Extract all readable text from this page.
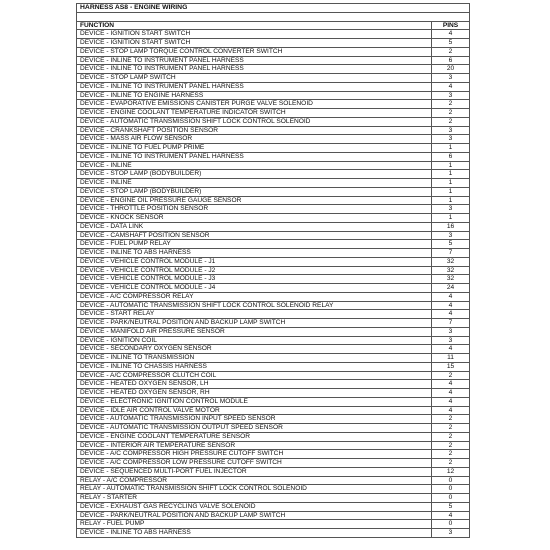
HARNESS AS8 - ENGINE WIRING	

FUNCTION	PINS
DEVICE - IGNITION START SWITCH	4
DEVICE - IGNITION START SWITCH	5
DEVICE - STOP LAMP TORQUE CONTROL CONVERTER SWITCH	2
DEVICE - INLINE TO INSTRUMENT PANEL HARNESS	6
DEVICE - INLINE TO INSTRUMENT PANEL HARNESS	20
DEVICE - STOP LAMP SWITCH	3
DEVICE - INLINE TO INSTRUMENT PANEL HARNESS	4
DEVICE - INLINE TO ENGINE HARNESS	3
DEVICE - EVAPORATIVE EMISSIONS CANISTER PURGE VALVE SOLENOID	2
DEVICE - ENGINE COOLANT TEMPERATURE INDICATOR SWITCH	2
DEVICE - AUTOMATIC TRANSMISSION SHIFT LOCK CONTROL SOLENOID	2
DEVICE - CRANKSHAFT POSITION SENSOR	3
DEVICE - MASS AIR FLOW SENSOR	3
DEVICE - INLINE TO FUEL PUMP PRIME	1
DEVICE - INLINE TO INSTRUMENT PANEL HARNESS	6
DEVICE - INLINE	1
DEVICE - STOP LAMP (BODYBUILDER)	1
DEVICE - INLINE	1
DEVICE - STOP LAMP (BODYBUILDER)	1
DEVICE - ENGINE OIL PRESSURE GAUGE SENSOR	1
DEVICE - THROTTLE POSITION SENSOR	3
DEVICE - KNOCK SENSOR	1
DEVICE - DATA LINK	16
DEVICE - CAMSHAFT POSITION SENSOR	3
DEVICE - FUEL PUMP RELAY	5
DEVICE - INLINE TO ABS HARNESS	7
DEVICE - VEHICLE CONTROL MODULE - J1	32
DEVICE - VEHICLE CONTROL MODULE - J2	32
DEVICE - VEHICLE CONTROL MODULE - J3	32
DEVICE - VEHICLE CONTROL MODULE - J4	24
DEVICE - A/C COMPRESSOR RELAY	4
DEVICE - AUTOMATIC TRANSMISSION SHIFT LOCK CONTROL SOLENOID RELAY	4
DEVICE - START RELAY	4
DEVICE - PARK/NEUTRAL POSITION AND BACKUP LAMP SWITCH	7
DEVICE - MANIFOLD AIR PRESSURE SENSOR	3
DEVICE - IGNITION COIL	3
DEVICE - SECONDARY OXYGEN SENSOR	4
DEVICE - INLINE TO TRANSMISSION	11
DEVICE - INLINE TO CHASSIS HARNESS	15
DEVICE - A/C COMPRESSOR CLUTCH COIL	2
DEVICE - HEATED OXYGEN SENSOR, LH	4
DEVICE - HEATED OXYGEN SENSOR, RH	4
DEVICE - ELECTRONIC IGNITION CONTROL MODULE	4
DEVICE - IDLE AIR CONTROL VALVE MOTOR	4
DEVICE - AUTOMATIC TRANSMISSION INPUT SPEED SENSOR	2
DEVICE - AUTOMATIC TRANSMISSION OUTPUT SPEED SENSOR	2
DEVICE - ENGINE COOLANT TEMPERATURE SENSOR	2
DEVICE - INTERIOR AIR TEMPERATURE SENSOR	2
DEVICE - A/C COMPRESSOR HIGH PRESSURE CUTOFF SWITCH	2
DEVICE - A/C COMPRESSOR LOW PRESSURE CUTOFF SWITCH	2
DEVICE - SEQUENCED MULTI-PORT FUEL INJECTOR	12
RELAY - A/C COMPRESSOR	0
RELAY - AUTOMATIC TRANSMISSION SHIFT LOCK CONTROL SOLENOID	0
RELAY - STARTER	0
DEVICE - EXHAUST GAS RECYCLING VALVE SOLENOID	5
DEVICE - PARK/NEUTRAL POSITION AND BACKUP LAMP SWITCH	4
RELAY - FUEL PUMP	0
DEVICE - INLINE TO ABS HARNESS	3
